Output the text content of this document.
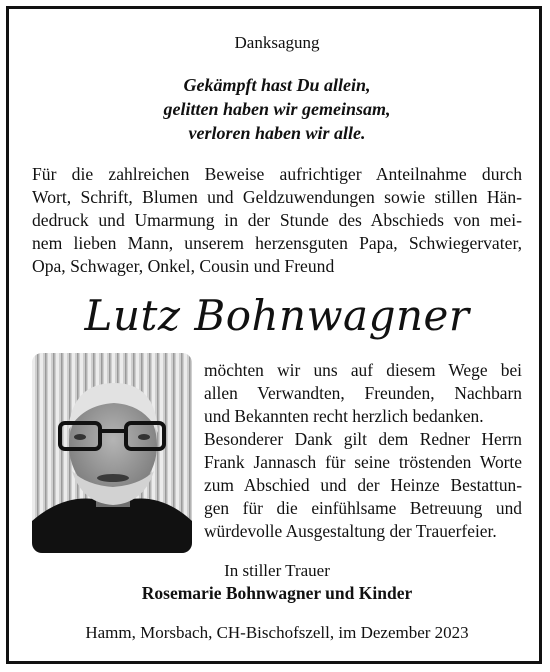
Danksagung
Gekämpft hast Du allein,
gelitten haben wir gemeinsam,
verloren haben wir alle.
Für die zahlreichen Beweise aufrichtiger Anteilnahme durch
Wort, Schrift, Blumen und Geldzuwendungen sowie stillen Hän-
dedruck und Umarmung in der Stunde des Abschieds von mei-
nem lieben Mann, unserem herzensguten Papa, Schwiegervater,
Opa, Schwager, Onkel, Cousin und Freund
Lutz Bohnwagner
möchten wir uns auf diesem Wege bei
allen Verwandten, Freunden, Nachbarn
und Bekannten recht herzlich bedanken.
Besonderer Dank gilt dem Redner Herrn
Frank Jannasch für seine tröstenden Worte
zum Abschied und der Heinze Bestattun-
gen für die einfühlsame Betreuung und
würdevolle Ausgestaltung der Trauerfeier.
In stiller Trauer
Rosemarie Bohnwagner und Kinder
Hamm, Morsbach, CH-Bischofszell, im Dezember 2023
